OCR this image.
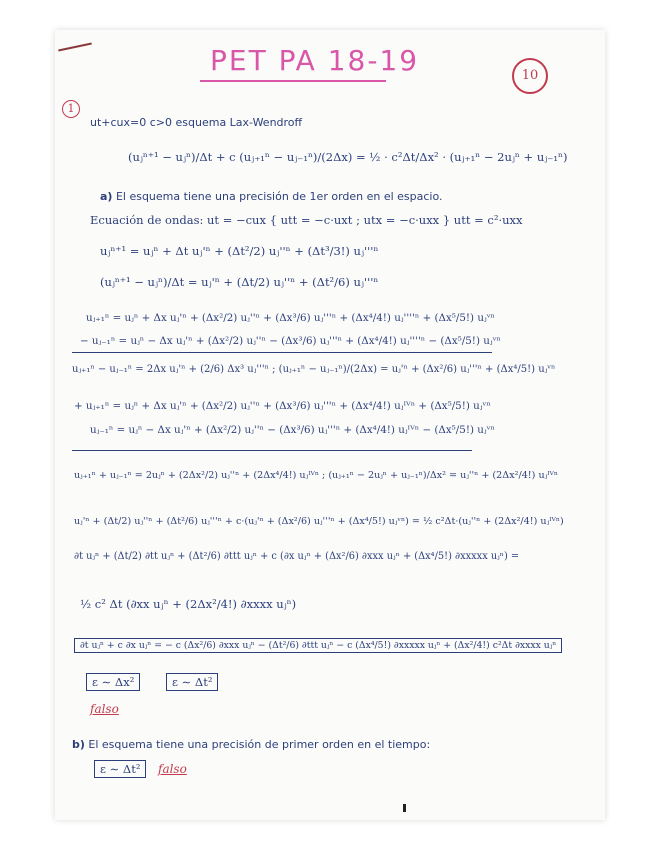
PET PA 18-19	10
1
ut+cux=0 c>0 esquema Lax-Wendroff
(uⱼⁿ⁺¹ − uⱼⁿ)/Δt + c (uⱼ₊₁ⁿ − uⱼ₋₁ⁿ)/(2Δx) = ½ · c²Δt/Δx² · (uⱼ₊₁ⁿ − 2uⱼⁿ + uⱼ₋₁ⁿ)
a) El esquema tiene una precisión de 1er orden en el espacio.
Ecuación de ondas: ut = −cux { utt = −c·uxt ; utx = −c·uxx } utt = c²·uxx
uⱼⁿ⁺¹ = uⱼⁿ + Δt uⱼ'ⁿ + (Δt²/2) uⱼ''ⁿ + (Δt³/3!) uⱼ'''ⁿ
(uⱼⁿ⁺¹ − uⱼⁿ)/Δt = uⱼ'ⁿ + (Δt/2) uⱼ''ⁿ + (Δt²/6) uⱼ'''ⁿ
uⱼ₊₁ⁿ = uⱼⁿ + Δx uⱼ'ⁿ + (Δx²/2) uⱼ''ⁿ + (Δx³/6) uⱼ'''ⁿ + (Δx⁴/4!) uⱼ''''ⁿ + (Δx⁵/5!) uⱼᵛⁿ
− uⱼ₋₁ⁿ = uⱼⁿ − Δx uⱼ'ⁿ + (Δx²/2) uⱼ''ⁿ − (Δx³/6) uⱼ'''ⁿ + (Δx⁴/4!) uⱼ''''ⁿ − (Δx⁵/5!) uⱼᵛⁿ
uⱼ₊₁ⁿ − uⱼ₋₁ⁿ = 2Δx uⱼ'ⁿ + (2/6) Δx³ uⱼ'''ⁿ ; (uⱼ₊₁ⁿ − uⱼ₋₁ⁿ)/(2Δx) = uⱼ'ⁿ + (Δx²/6) uⱼ'''ⁿ + (Δx⁴/5!) uⱼᵛⁿ
+ uⱼ₊₁ⁿ = uⱼⁿ + Δx uⱼ'ⁿ + (Δx²/2) uⱼ''ⁿ + (Δx³/6) uⱼ'''ⁿ + (Δx⁴/4!) uⱼᴵⱽⁿ + (Δx⁵/5!) uⱼᵛⁿ
uⱼ₋₁ⁿ = uⱼⁿ − Δx uⱼ'ⁿ + (Δx²/2) uⱼ''ⁿ − (Δx³/6) uⱼ'''ⁿ + (Δx⁴/4!) uⱼᴵⱽⁿ − (Δx⁵/5!) uⱼᵛⁿ
uⱼ₊₁ⁿ + uⱼ₋₁ⁿ = 2uⱼⁿ + (2Δx²/2) uⱼ''ⁿ + (2Δx⁴/4!) uⱼᴵⱽⁿ ; (uⱼ₊₁ⁿ − 2uⱼⁿ + uⱼ₋₁ⁿ)/Δx² = uⱼ''ⁿ + (2Δx²/4!) uⱼᴵⱽⁿ
uⱼ'ⁿ + (Δt/2) uⱼ''ⁿ + (Δt²/6) uⱼ'''ⁿ + c·(uⱼ'ⁿ + (Δx²/6) uⱼ'''ⁿ + (Δx⁴/5!) uⱼᵛⁿ) = ½ c²Δt·(uⱼ''ⁿ + (2Δx²/4!) uⱼᴵⱽⁿ)
∂t uⱼⁿ + (Δt/2) ∂tt uⱼⁿ + (Δt²/6) ∂ttt uⱼⁿ + c (∂x uⱼⁿ + (Δx²/6) ∂xxx uⱼⁿ + (Δx⁴/5!) ∂xxxxx uⱼⁿ) =
½ c² Δt (∂xx uⱼⁿ + (2Δx²/4!) ∂xxxx uⱼⁿ)
∂t uⱼⁿ + c ∂x uⱼⁿ = − c (Δx²/6) ∂xxx uⱼⁿ − (Δt²/6) ∂ttt uⱼⁿ − c (Δx⁴/5!) ∂xxxxx uⱼⁿ + (Δx²/4!) c²Δt ∂xxxx uⱼⁿ
ε ∼ Δx²	ε ∼ Δt²
falso
b) El esquema tiene una precisión de primer orden en el tiempo:
ε ∼ Δt²	falso
